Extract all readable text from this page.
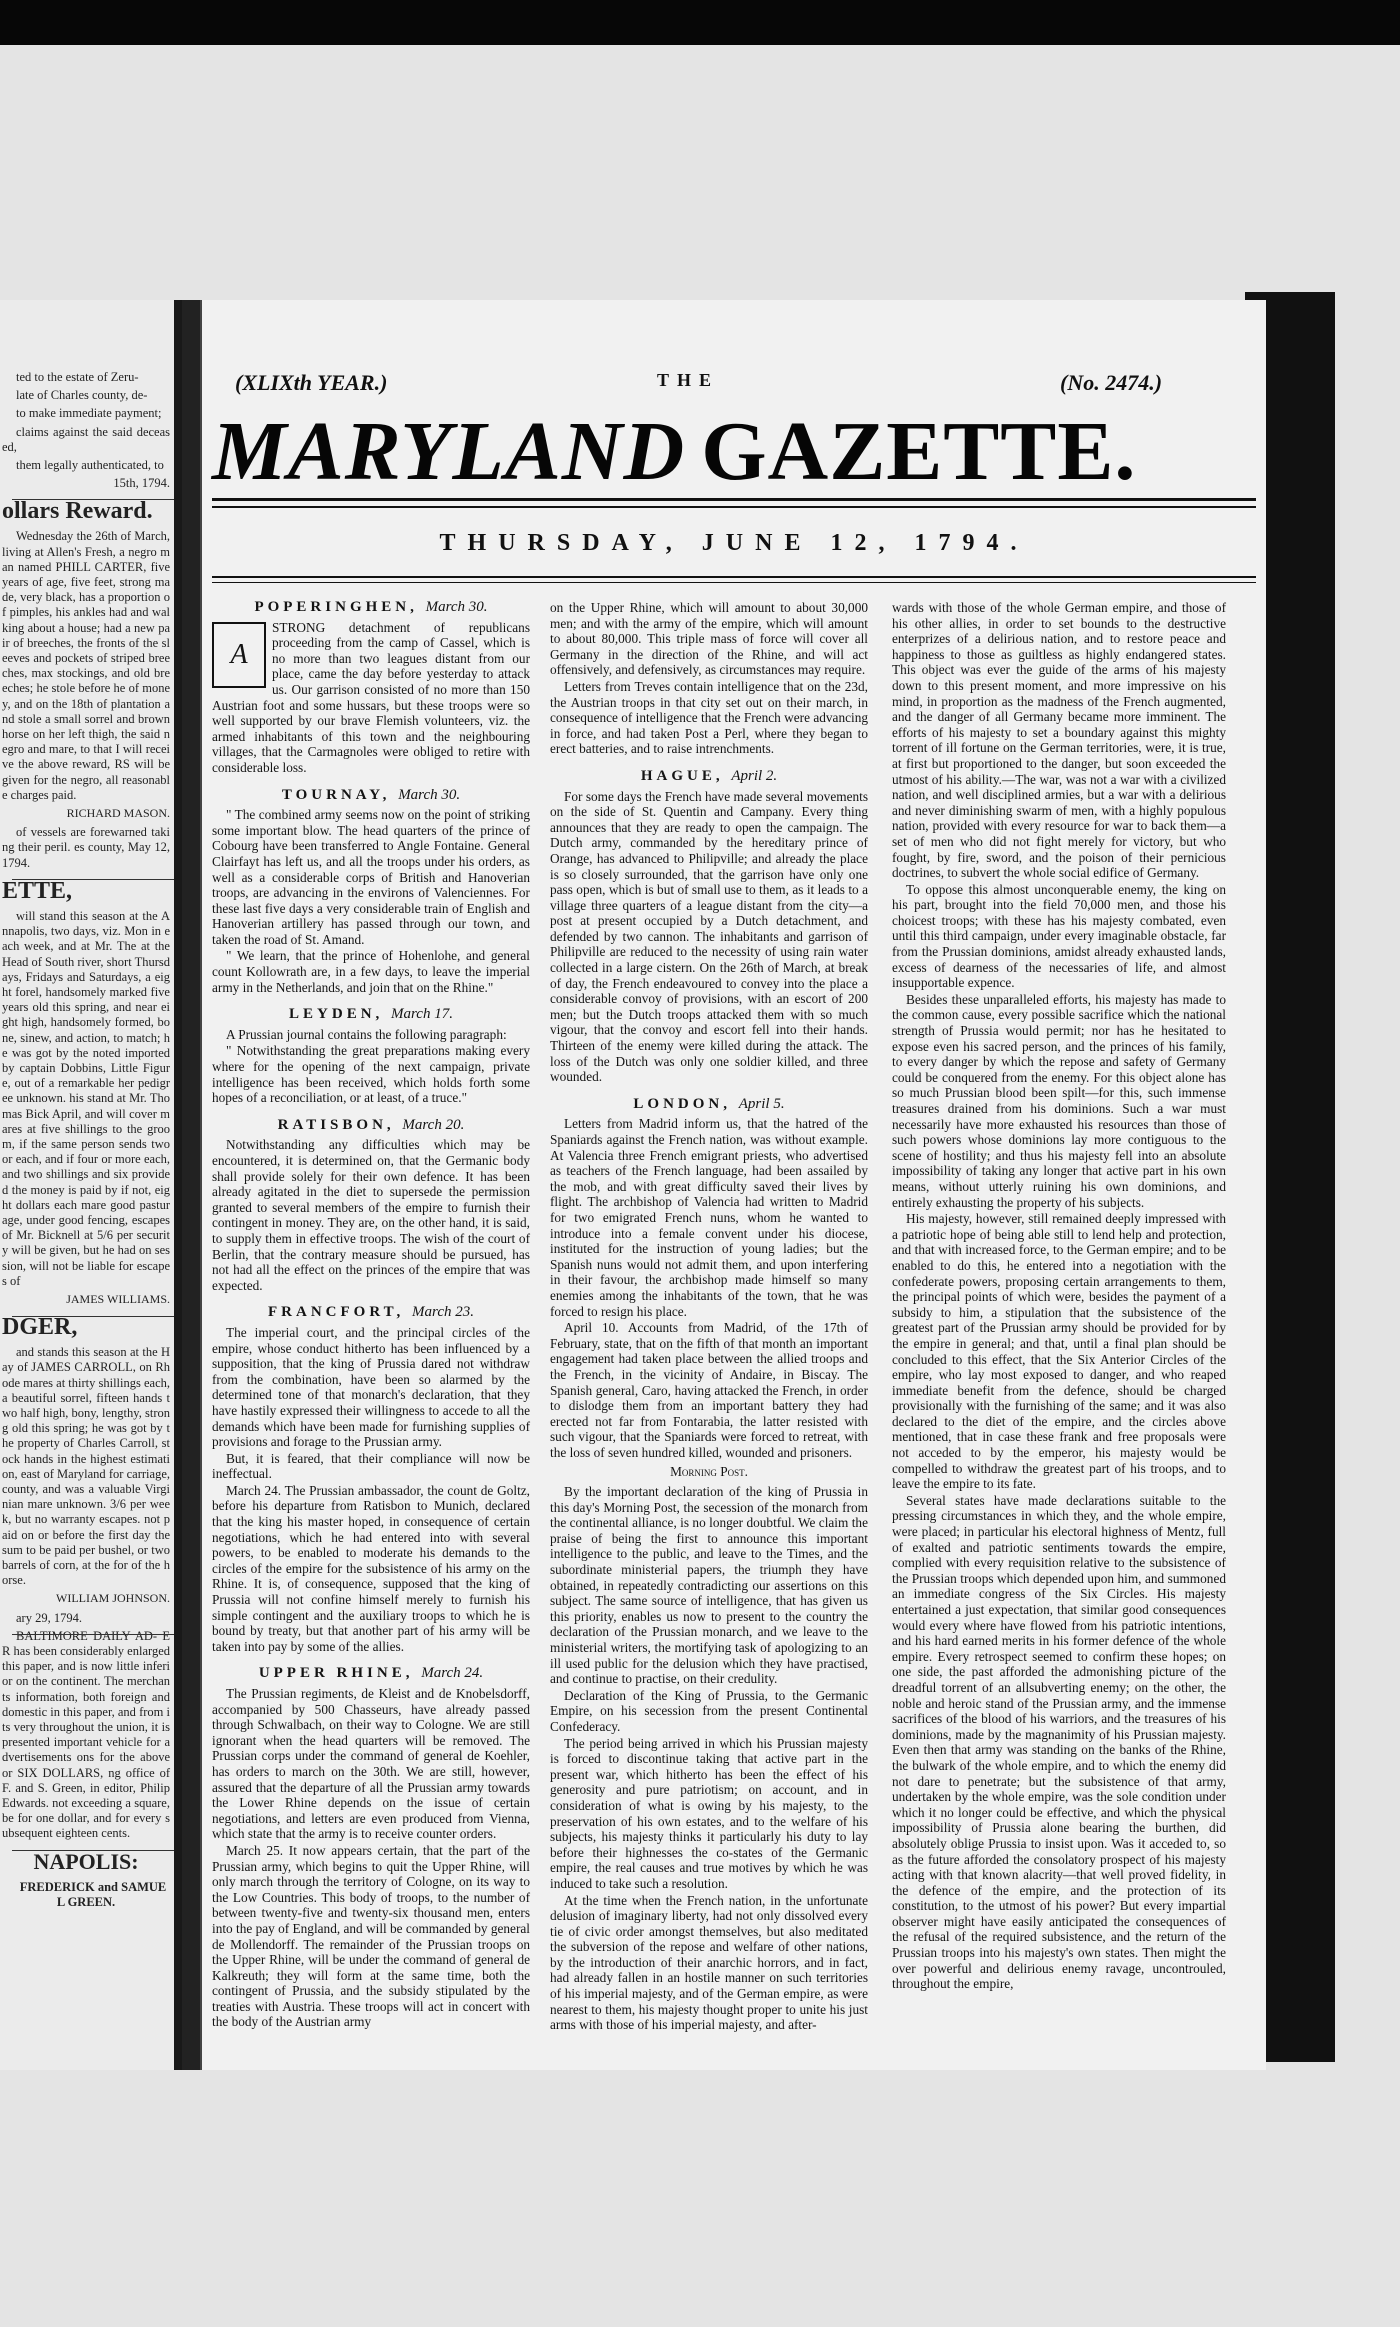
ted to the estate of Zeru-

late of Charles county, de-

to make immediate payment;

claims against the said deceased,

them legally authenticated, to

15th, 1794.

ollars Reward.

Wednesday the 26th of March, living at Allen's Fresh, a negro man named PHILL CARTER, five years of age, five feet, strong made, very black, has a proportion of pimples, his ankles had and walking about a house; had a new pair of breeches, the fronts of the sleeves and pockets of striped breeches, max stockings, and old breeches; he stole before he of money, and on the 18th of plantation and stole a small sorrel and brown horse on her left thigh, the said negro and mare, to that I will receive the above reward, RS will be given for the negro, all reasonable charges paid.

RICHARD MASON.

of vessels are forewarned taking their peril. es county, May 12, 1794.

ETTE,

will stand this season at the Annapolis, two days, viz. Mon in each week, and at Mr. The at the Head of South river, short Thursdays, Fridays and Saturdays, a eight forel, handsomely marked five years old this spring, and near eight high, handsomely formed, bone, sinew, and action, to match; he was got by the noted imported by captain Dobbins, Little Figure, out of a remarkable her pedigree unknown. his stand at Mr. Thomas Bick April, and will cover mares at five shillings to the groom, if the same person sends two or each, and if four or more each, and two shillings and six provided the money is paid by if not, eight dollars each mare good pasturage, under good fencing, escapes of Mr. Bicknell at 5/6 per security will be given, but he had on session, will not be liable for escapes of

JAMES WILLIAMS.
DGER,

and stands this season at the Hay of JAMES CARROLL, on Rhode mares at thirty shillings each, a beautiful sorrel, fifteen hands two half high, bony, lengthy, strong old this spring; he was got by the property of Charles Carroll, stock hands in the highest estimation, east of Maryland for carriage, county, and was a valuable Virginian mare unknown. 3/6 per week, but no warranty escapes. not paid on or before the first day the sum to be paid per bushel, or two barrels of corn, at the for of the horse.

WILLIAM JOHNSON.

ary 29, 1794.

BALTIMORE DAILY AD- ER has been considerably enlarged this paper, and is now little inferior on the continent. The merchants information, both foreign and domestic in this paper, and from its very throughout the union, it is presented important vehicle for advertisements ons for the above or SIX DOLLARS, ng office of F. and S. Green, in editor, Philip Edwards. not exceeding a square, be for one dollar, and for every subsequent eighteen cents.

NAPOLIS:

FREDERICK and SAMUEL GREEN.

(XLIXth YEAR.)	THE	(No. 2474.)
MARYLAND GAZETTE.
THURSDAY, JUNE 12, 1794.
POPERINGHEN, March 30.
A

STRONG detachment of republicans proceeding from the camp of Cassel, which is no more than two leagues distant from our place, came the day before yesterday to attack us. Our garrison consisted of no more than 150 Austrian foot and some hussars, but these troops were so well supported by our brave Flemish volunteers, viz. the armed inhabitants of this town and the neighbouring villages, that the Carmagnoles were obliged to retire with considerable loss.

TOURNAY, March 30.

" The combined army seems now on the point of striking some important blow. The head quarters of the prince of Cobourg have been transferred to Angle Fontaine. General Clairfayt has left us, and all the troops under his orders, as well as a considerable corps of British and Hanoverian troops, are advancing in the environs of Valenciennes. For these last five days a very considerable train of English and Hanoverian artillery has passed through our town, and taken the road of St. Amand.

" We learn, that the prince of Hohenlohe, and general count Kollowrath are, in a few days, to leave the imperial army in the Netherlands, and join that on the Rhine."

LEYDEN, March 17.

A Prussian journal contains the following paragraph:

" Notwithstanding the great preparations making every where for the opening of the next campaign, private intelligence has been received, which holds forth some hopes of a reconciliation, or at least, of a truce."

RATISBON, March 20.

Notwithstanding any difficulties which may be encountered, it is determined on, that the Germanic body shall provide solely for their own defence. It has been already agitated in the diet to supersede the permission granted to several members of the empire to furnish their contingent in money. They are, on the other hand, it is said, to supply them in effective troops. The wish of the court of Berlin, that the contrary measure should be pursued, has not had all the effect on the princes of the empire that was expected.

FRANCFORT, March 23.

The imperial court, and the principal circles of the empire, whose conduct hitherto has been influenced by a supposition, that the king of Prussia dared not withdraw from the combination, have been so alarmed by the determined tone of that monarch's declaration, that they have hastily expressed their willingness to accede to all the demands which have been made for furnishing supplies of provisions and forage to the Prussian army.

But, it is feared, that their compliance will now be ineffectual.

March 24. The Prussian ambassador, the count de Goltz, before his departure from Ratisbon to Munich, declared that the king his master hoped, in consequence of certain negotiations, which he had entered into with several powers, to be enabled to moderate his demands to the circles of the empire for the subsistence of his army on the Rhine. It is, of consequence, supposed that the king of Prussia will not confine himself merely to furnish his simple contingent and the auxiliary troops to which he is bound by treaty, but that another part of his army will be taken into pay by some of the allies.

UPPER RHINE, March 24.

The Prussian regiments, de Kleist and de Knobelsdorff, accompanied by 500 Chasseurs, have already passed through Schwalbach, on their way to Cologne. We are still ignorant when the head quarters will be removed. The Prussian corps under the command of general de Koehler, has orders to march on the 30th. We are still, however, assured that the departure of all the Prussian army towards the Lower Rhine depends on the issue of certain negotiations, and letters are even produced from Vienna, which state that the army is to receive counter orders.

March 25. It now appears certain, that the part of the Prussian army, which begins to quit the Upper Rhine, will only march through the territory of Cologne, on its way to the Low Countries. This body of troops, to the number of between twenty-five and twenty-six thousand men, enters into the pay of England, and will be commanded by general de Mollendorff. The remainder of the Prussian troops on the Upper Rhine, will be under the command of general de Kalkreuth; they will form at the same time, both the contingent of Prussia, and the subsidy stipulated by the treaties with Austria. These troops will act in concert with the body of the Austrian army

on the Upper Rhine, which will amount to about 30,000 men; and with the army of the empire, which will amount to about 80,000. This triple mass of force will cover all Germany in the direction of the Rhine, and will act offensively, and defensively, as circumstances may require.

Letters from Treves contain intelligence that on the 23d, the Austrian troops in that city set out on their march, in consequence of intelligence that the French were advancing in force, and had taken Post a Perl, where they began to erect batteries, and to raise intrenchments.

HAGUE, April 2.

For some days the French have made several movements on the side of St. Quentin and Campany. Every thing announces that they are ready to open the campaign. The Dutch army, commanded by the hereditary prince of Orange, has advanced to Philipville; and already the place is so closely surrounded, that the garrison have only one pass open, which is but of small use to them, as it leads to a village three quarters of a league distant from the city—a post at present occupied by a Dutch detachment, and defended by two cannon. The inhabitants and garrison of Philipville are reduced to the necessity of using rain water collected in a large cistern. On the 26th of March, at break of day, the French endeavoured to convey into the place a considerable convoy of provisions, with an escort of 200 men; but the Dutch troops attacked them with so much vigour, that the convoy and escort fell into their hands. Thirteen of the enemy were killed during the attack. The loss of the Dutch was only one soldier killed, and three wounded.

LONDON, April 5.

Letters from Madrid inform us, that the hatred of the Spaniards against the French nation, was without example. At Valencia three French emigrant priests, who advertised as teachers of the French language, had been assailed by the mob, and with great difficulty saved their lives by flight. The archbishop of Valencia had written to Madrid for two emigrated French nuns, whom he wanted to introduce into a female convent under his diocese, instituted for the instruction of young ladies; but the Spanish nuns would not admit them, and upon interfering in their favour, the archbishop made himself so many enemies among the inhabitants of the town, that he was forced to resign his place.

April 10. Accounts from Madrid, of the 17th of February, state, that on the fifth of that month an important engagement had taken place between the allied troops and the French, in the vicinity of Andaire, in Biscay. The Spanish general, Caro, having attacked the French, in order to dislodge them from an important battery they had erected not far from Fontarabia, the latter resisted with such vigour, that the Spaniards were forced to retreat, with the loss of seven hundred killed, wounded and prisoners.

Morning Post.

By the important declaration of the king of Prussia in this day's Morning Post, the secession of the monarch from the continental alliance, is no longer doubtful. We claim the praise of being the first to announce this important intelligence to the public, and leave to the Times, and the subordinate ministerial papers, the triumph they have obtained, in repeatedly contradicting our assertions on this subject. The same source of intelligence, that has given us this priority, enables us now to present to the country the declaration of the Prussian monarch, and we leave to the ministerial writers, the mortifying task of apologizing to an ill used public for the delusion which they have practised, and continue to practise, on their credulity.

Declaration of the King of Prussia, to the Germanic Empire, on his secession from the present Continental Confederacy.

The period being arrived in which his Prussian majesty is forced to discontinue taking that active part in the present war, which hitherto has been the effect of his generosity and pure patriotism; on account, and in consideration of what is owing by his majesty, to the preservation of his own estates, and to the welfare of his subjects, his majesty thinks it particularly his duty to lay before their highnesses the co-states of the Germanic empire, the real causes and true motives by which he was induced to take such a resolution.

At the time when the French nation, in the unfortunate delusion of imaginary liberty, had not only dissolved every tie of civic order amongst themselves, but also meditated the subversion of the repose and welfare of other nations, by the introduction of their anarchic horrors, and in fact, had already fallen in an hostile manner on such territories of his imperial majesty, and of the German empire, as were nearest to them, his majesty thought proper to unite his just arms with those of his imperial majesty, and after-

wards with those of the whole German empire, and those of his other allies, in order to set bounds to the destructive enterprizes of a delirious nation, and to restore peace and happiness to those as guiltless as highly endangered states. This object was ever the guide of the arms of his majesty down to this present moment, and more impressive on his mind, in proportion as the madness of the French augmented, and the danger of all Germany became more imminent. The efforts of his majesty to set a boundary against this mighty torrent of ill fortune on the German territories, were, it is true, at first but proportioned to the danger, but soon exceeded the utmost of his ability.—The war, was not a war with a civilized nation, and well disciplined armies, but a war with a delirious and never diminishing swarm of men, with a highly populous nation, provided with every resource for war to back them—a set of men who did not fight merely for victory, but who fought, by fire, sword, and the poison of their pernicious doctrines, to subvert the whole social edifice of Germany.

To oppose this almost unconquerable enemy, the king on his part, brought into the field 70,000 men, and those his choicest troops; with these has his majesty combated, even until this third campaign, under every imaginable obstacle, far from the Prussian dominions, amidst already exhausted lands, excess of dearness of the necessaries of life, and almost insupportable expence.

Besides these unparalleled efforts, his majesty has made to the common cause, every possible sacrifice which the national strength of Prussia would permit; nor has he hesitated to expose even his sacred person, and the princes of his family, to every danger by which the repose and safety of Germany could be conquered from the enemy. For this object alone has so much Prussian blood been spilt—for this, such immense treasures drained from his dominions. Such a war must necessarily have more exhausted his resources than those of such powers whose dominions lay more contiguous to the scene of hostility; and thus his majesty fell into an absolute impossibility of taking any longer that active part in his own means, without utterly ruining his own dominions, and entirely exhausting the property of his subjects.

His majesty, however, still remained deeply impressed with a patriotic hope of being able still to lend help and protection, and that with increased force, to the German empire; and to be enabled to do this, he entered into a negotiation with the confederate powers, proposing certain arrangements to them, the principal points of which were, besides the payment of a subsidy to him, a stipulation that the subsistence of the greatest part of the Prussian army should be provided for by the empire in general; and that, until a final plan should be concluded to this effect, that the Six Anterior Circles of the empire, who lay most exposed to danger, and who reaped immediate benefit from the defence, should be charged provisionally with the furnishing of the same; and it was also declared to the diet of the empire, and the circles above mentioned, that in case these frank and free proposals were not acceded to by the emperor, his majesty would be compelled to withdraw the greatest part of his troops, and to leave the empire to its fate.

Several states have made declarations suitable to the pressing circumstances in which they, and the whole empire, were placed; in particular his electoral highness of Mentz, full of exalted and patriotic sentiments towards the empire, complied with every requisition relative to the subsistence of the Prussian troops which depended upon him, and summoned an immediate congress of the Six Circles. His majesty entertained a just expectation, that similar good consequences would every where have flowed from his patriotic intentions, and his hard earned merits in his former defence of the whole empire. Every retrospect seemed to confirm these hopes; on one side, the past afforded the admonishing picture of the dreadful torrent of an allsubverting enemy; on the other, the noble and heroic stand of the Prussian army, and the immense sacrifices of the blood of his warriors, and the treasures of his dominions, made by the magnanimity of his Prussian majesty. Even then that army was standing on the banks of the Rhine, the bulwark of the whole empire, and to which the enemy did not dare to penetrate; but the subsistence of that army, undertaken by the whole empire, was the sole condition under which it no longer could be effective, and which the physical impossibility of Prussia alone bearing the burthen, did absolutely oblige Prussia to insist upon. Was it acceded to, so as the future afforded the consolatory prospect of his majesty acting with that known alacrity—that well proved fidelity, in the defence of the empire, and the protection of its constitution, to the utmost of his power? But every impartial observer might have easily anticipated the consequences of the refusal of the required subsistence, and the return of the Prussian troops into his majesty's own states. Then might the over powerful and delirious enemy ravage, uncontrouled, throughout the empire,
